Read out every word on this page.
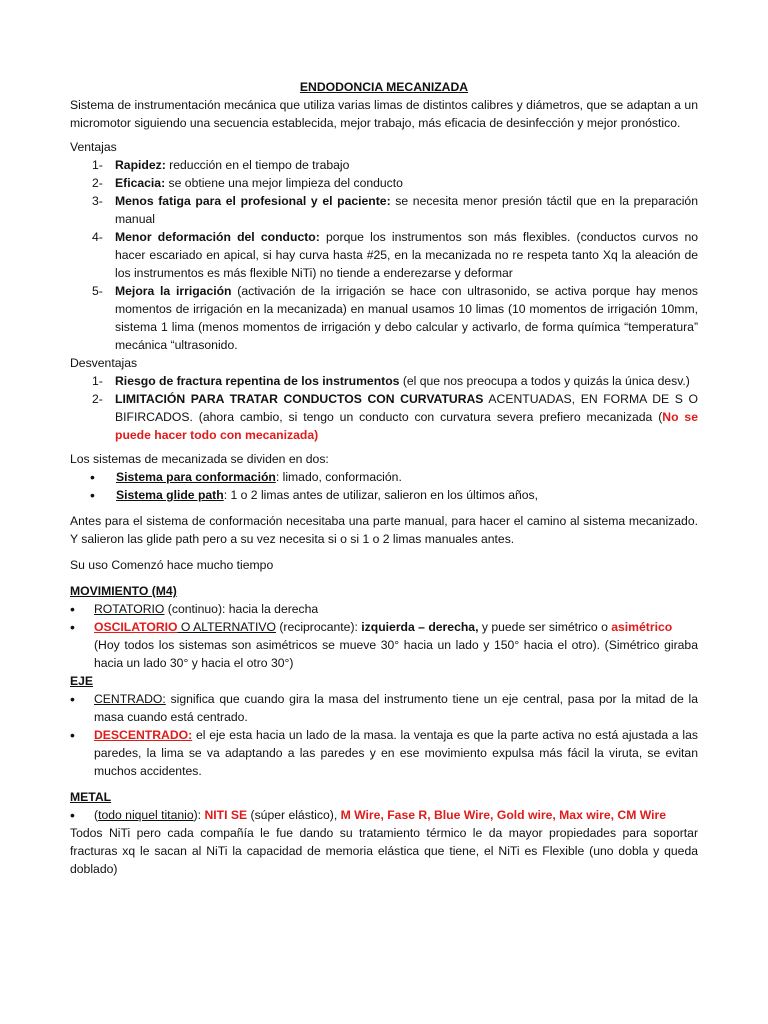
ENDODONCIA MECANIZADA

Sistema de instrumentación mecánica que utiliza varias limas de distintos calibres y diámetros, que se adaptan a un micromotor siguiendo una secuencia establecida, mejor trabajo, más eficacia de desinfección y mejor pronóstico.

Ventajas

1- Rapidez: reducción en el tiempo de trabajo
2- Eficacia: se obtiene una mejor limpieza del conducto
3- Menos fatiga para el profesional y el paciente: se necesita menor presión táctil que en la preparación manual
4- Menor deformación del conducto: porque los instrumentos son más flexibles. (conductos curvos no hacer escariado en apical, si hay curva hasta #25, en la mecanizada no re respeta tanto Xq la aleación de los instrumentos es más flexible NiTi) no tiende a enderezarse y deformar
5- Mejora la irrigación (activación de la irrigación se hace con ultrasonido, se activa porque hay menos momentos de irrigación en la mecanizada) en manual usamos 10 limas (10 momentos de irrigación 10mm, sistema 1 lima (menos momentos de irrigación y debo calcular y activarlo, de forma química “temperatura” mecánica “ultrasonido.

Desventajas

1- Riesgo de fractura repentina de los instrumentos (el que nos preocupa a todos y quizás la única desv.)
2- LIMITACIÓN PARA TRATAR CONDUCTOS CON CURVATURAS ACENTUADAS, EN FORMA DE S O BIFIRCADOS. (ahora cambio, si tengo un conducto con curvatura severa prefiero mecanizada (No se puede hacer todo con mecanizada)

Los sistemas de mecanizada se dividen en dos:

• Sistema para conformación: limado, conformación.
• Sistema glide path: 1 o 2 limas antes de utilizar, salieron en los últimos años,

Antes para el sistema de conformación necesitaba una parte manual, para hacer el camino al sistema mecanizado. Y salieron las glide path pero a su vez necesita si o si 1 o 2 limas manuales antes.

Su uso Comenzó hace mucho tiempo

MOVIMIENTO (M4)

• ROTATORIO (continuo): hacia la derecha
• OSCILATORIO O ALTERNATIVO (reciprocante): izquierda – derecha, y puede ser simétrico o asimétrico
(Hoy todos los sistemas son asimétricos se mueve 30° hacia un lado y 150° hacia el otro). (Simétrico giraba hacia un lado 30° y hacia el otro 30°)

EJE

• CENTRADO: significa que cuando gira la masa del instrumento tiene un eje central, pasa por la mitad de la masa cuando está centrado.
• DESCENTRADO: el eje esta hacia un lado de la masa. la ventaja es que la parte activa no está ajustada a las paredes, la lima se va adaptando a las paredes y en ese movimiento expulsa más fácil la viruta, se evitan muchos accidentes.

METAL

• (todo niquel titanio): NITI SE (súper elástico), M Wire, Fase R, Blue Wire, Gold wire, Max wire, CM Wire

Todos NiTi pero cada compañía le fue dando su tratamiento térmico le da mayor propiedades para soportar fracturas xq le sacan al NiTi la capacidad de memoria elástica que tiene, el NiTi es Flexible (uno dobla y queda doblado)
